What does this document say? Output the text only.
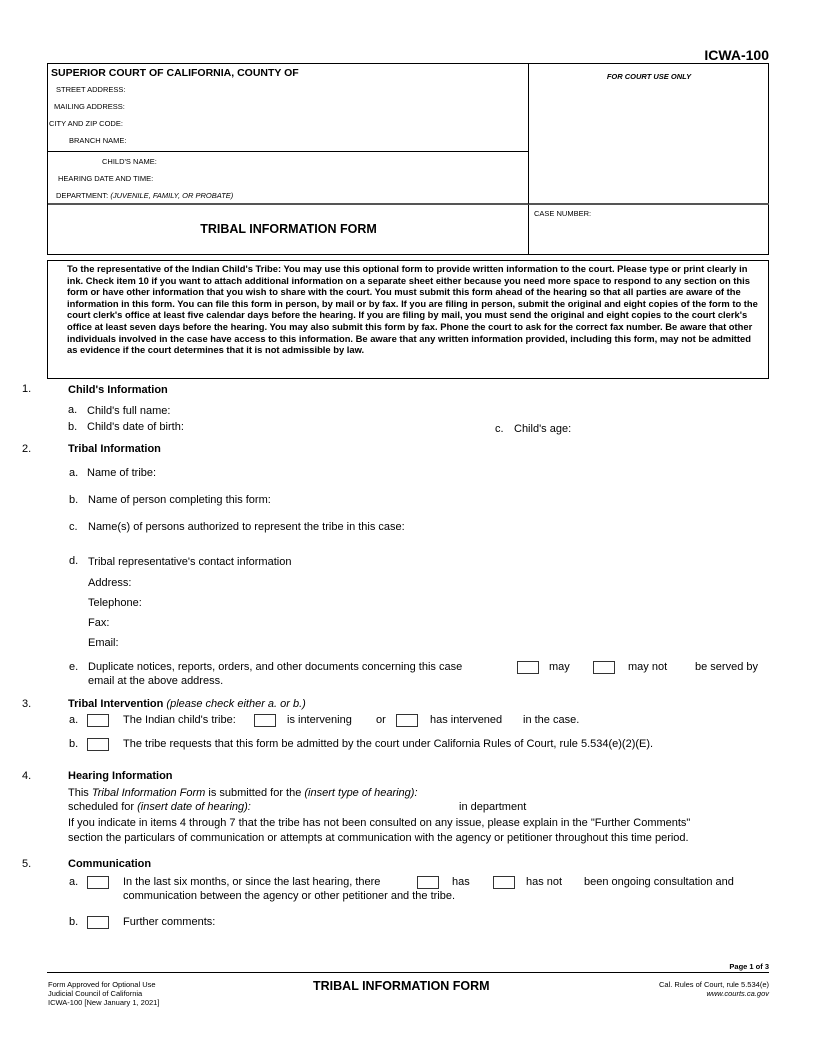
ICWA-100
SUPERIOR COURT OF CALIFORNIA, COUNTY OF
STREET ADDRESS:
MAILING ADDRESS:
CITY AND ZIP CODE:
BRANCH NAME:
CHILD'S NAME:
HEARING DATE AND TIME:
DEPARTMENT: (JUVENILE, FAMILY, OR PROBATE)
TRIBAL INFORMATION FORM
FOR COURT USE ONLY
CASE NUMBER:
To the representative of the Indian Child's Tribe: You may use this optional form to provide written information to the court. Please type or print clearly in ink. Check item 10 if you want to attach additional information on a separate sheet either because you need more space to respond to any section on this form or have other information that you wish to share with the court. You must submit this form ahead of the hearing so that all parties are aware of the information in this form. You can file this form in person, by mail or by fax. If you are filing in person, submit the original and eight copies of the form to the court clerk's office at least five calendar days before the hearing. If you are filing by mail, you must send the original and eight copies to the court clerk's office at least seven days before the hearing. You may also submit this form by fax. Phone the court to ask for the correct fax number. Be aware that other individuals involved in the case have access to this information. Be aware that any written information provided, including this form, may not be admitted as evidence if the court determines that it is not admissible by law.
1.	Child's Information
a. Child's full name:
b. Child's date of birth:	c. Child's age:
2.	Tribal Information
a. Name of tribe:
b. Name of person completing this form:
c. Name(s) of persons authorized to represent the tribe in this case:
d. Tribal representative's contact information
Address:
Telephone:
Fax:
Email:
e. Duplicate notices, reports, orders, and other documents concerning this case	may	may not	be served by
email at the above address.
3.	Tribal Intervention (please check either a. or b.)
a.	The Indian child's tribe:	is intervening or	has intervened in the case.
b.	The tribe requests that this form be admitted by the court under California Rules of Court, rule 5.534(e)(2)(E).
4.	Hearing Information
This Tribal Information Form is submitted for the (insert type of hearing):
scheduled for (insert date of hearing):	in department
If you indicate in items 4 through 7 that the tribe has not been consulted on any issue, please explain in the "Further Comments"
section the particulars of communication or attempts at communication with the agency or petitioner throughout this time period.
5.	Communication
a.	In the last six months, or since the last hearing, there	has	has not been ongoing consultation and
communication between the agency or other petitioner and the tribe.
b.	Further comments:
Page 1 of 3
Form Approved for Optional Use
Judicial Council of California
ICWA-100 [New January 1, 2021]
TRIBAL INFORMATION FORM	Cal. Rules of Court, rule 5.534(e)
www.courts.ca.gov
